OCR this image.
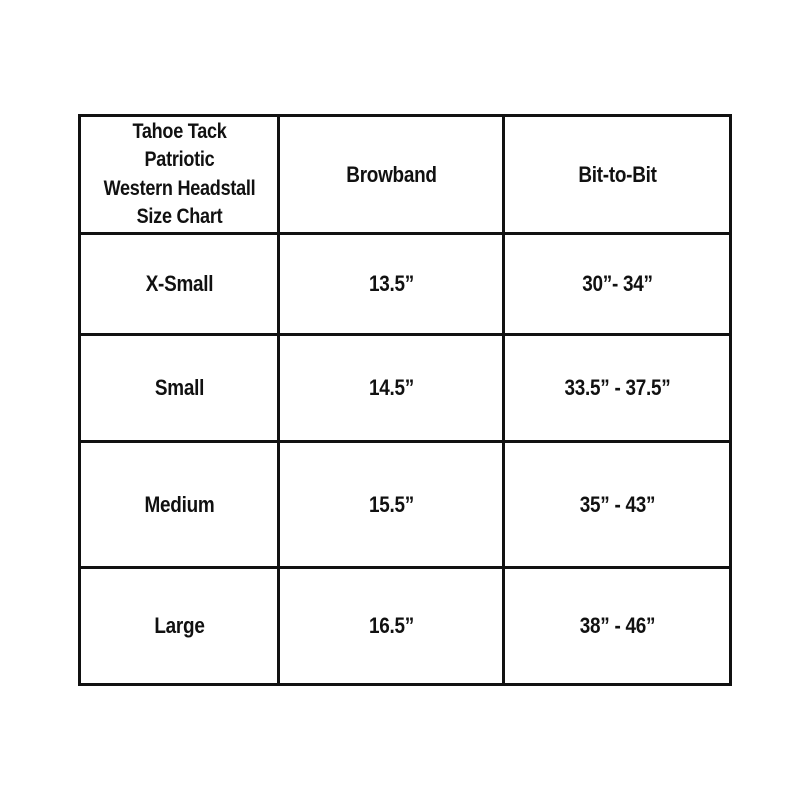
Tahoe Tack Patriotic
Western Headstall
Size Chart	Browband	Bit-to-Bit
X-Small	13.5”	30”- 34”
Small	14.5”	33.5” - 37.5”
Medium	15.5”	35” - 43”
Large	16.5”	38” - 46”
